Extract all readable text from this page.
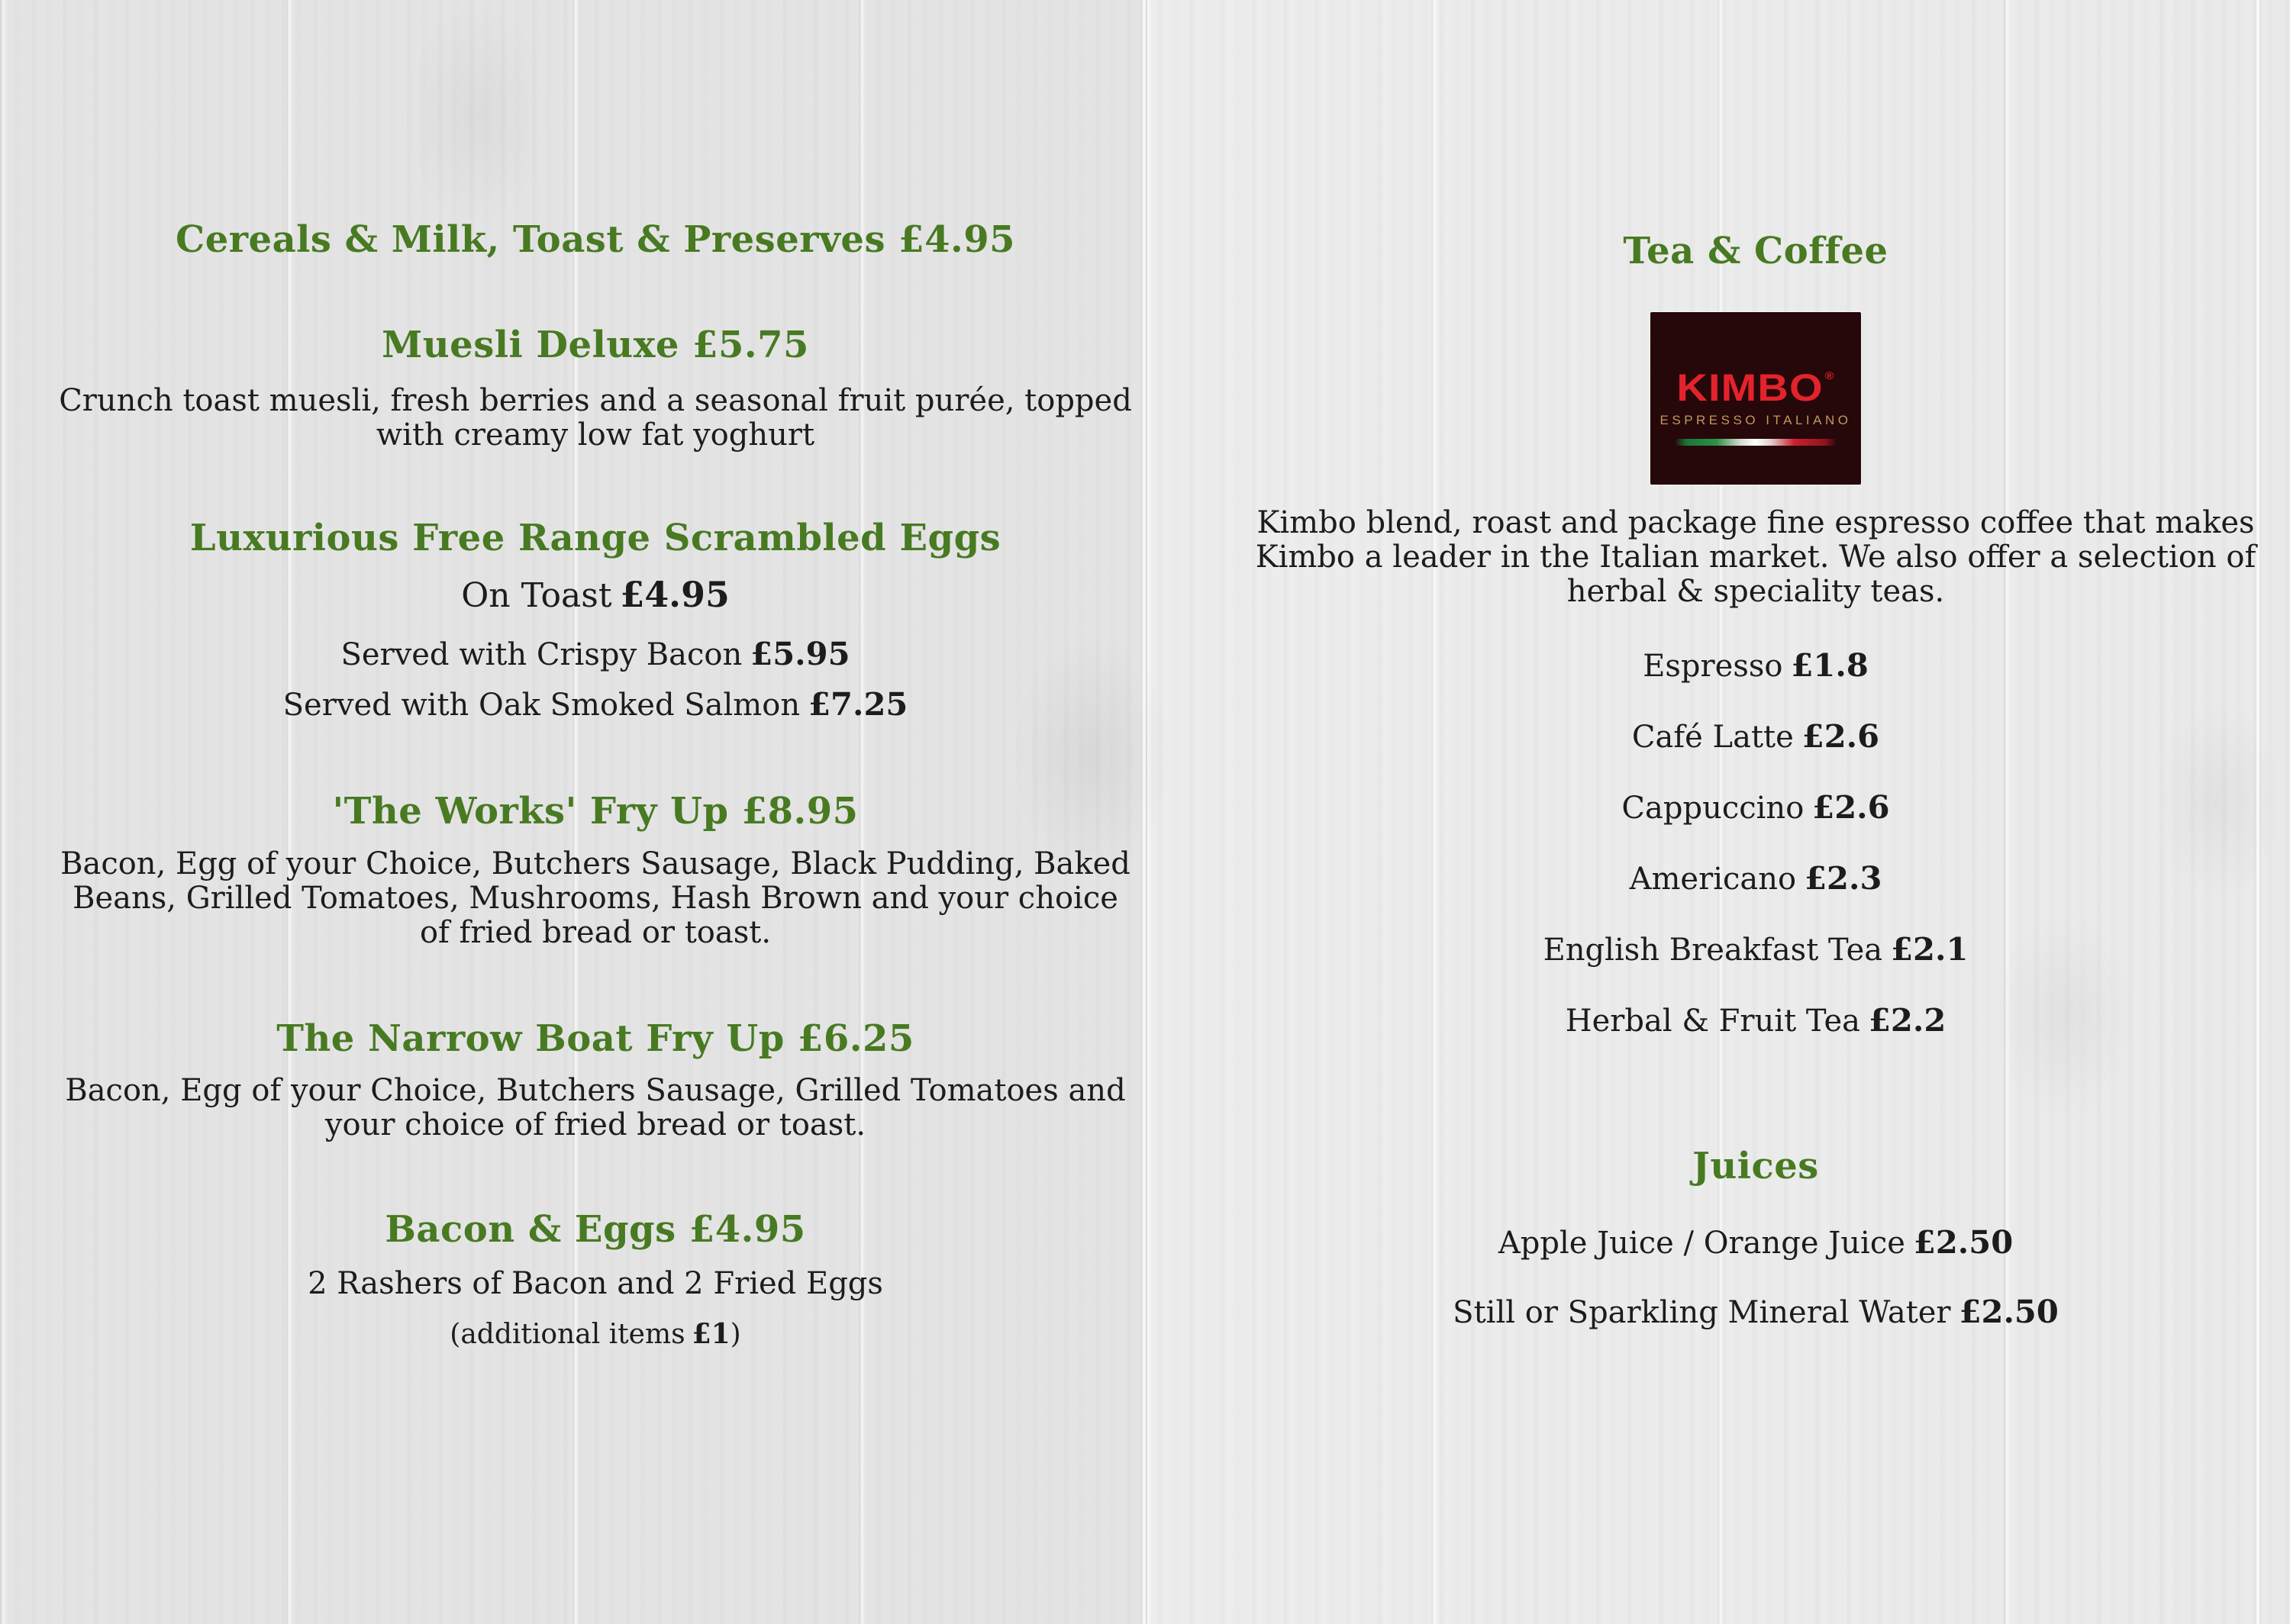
Cereals & Milk, Toast & Preserves £4.95
Muesli Deluxe £5.75
Crunch toast muesli, fresh berries and a seasonal fruit purée, topped
with creamy low fat yoghurt
Luxurious Free Range Scrambled Eggs
On Toast £4.95
Served with Crispy Bacon £5.95
Served with Oak Smoked Salmon £7.25
'The Works' Fry Up £8.95
Bacon, Egg of your Choice, Butchers Sausage, Black Pudding, Baked
Beans, Grilled Tomatoes, Mushrooms, Hash Brown and your choice
of fried bread or toast.
The Narrow Boat Fry Up £6.25
Bacon, Egg of your Choice, Butchers Sausage, Grilled Tomatoes and
your choice of fried bread or toast.
Bacon & Eggs £4.95
2 Rashers of Bacon and 2 Fried Eggs
(additional items £1)
Tea & Coffee
KIMBO ®
ESPRESSO ITALIANO
Kimbo blend, roast and package fine espresso coffee that makes
Kimbo a leader in the Italian market. We also offer a selection of
herbal & speciality teas.
Espresso £1.8
Café Latte £2.6
Cappuccino £2.6
Americano £2.3
English Breakfast Tea £2.1
Herbal & Fruit Tea £2.2
Juices
Apple Juice / Orange Juice £2.50
Still or Sparkling Mineral Water £2.50
